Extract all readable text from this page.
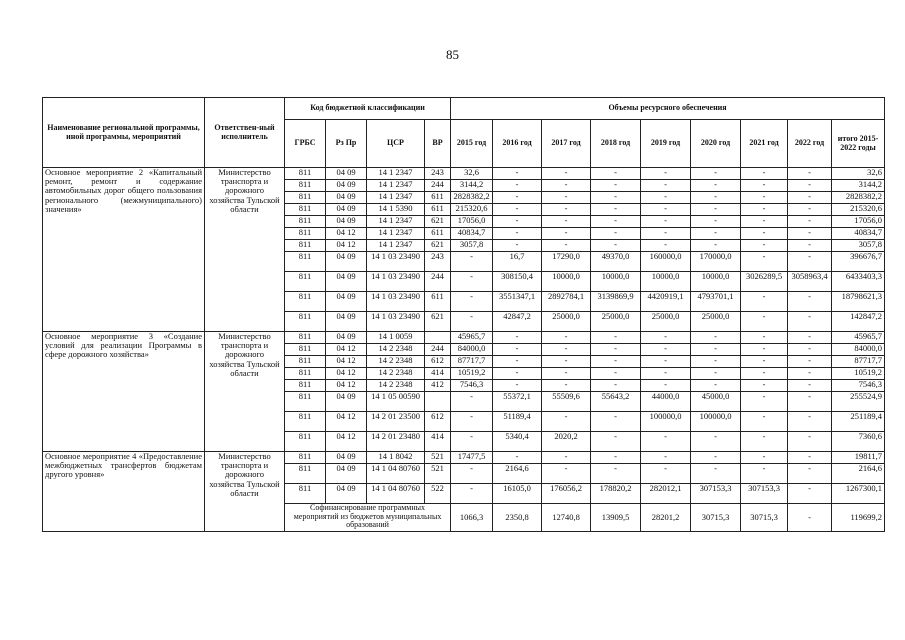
85
Наименование региональной программы, иной программы, мероприятий	Ответствен-ный исполнитель	Код бюджетной классификации				Объемы ресурсного обеспечения								
		ГРБС	Рз Пр	ЦСР	ВР	2015 год	2016 год	2017 год	2018 год	2019 год	2020 год	2021 год	2022 год	итого 2015-2022 годы
Основное мероприятие 2 «Капитальный ремонт, ремонт и содержание автомобильных дорог общего пользования регионального (межмуниципального) значения»	Министерство транспорта и дорожного хозяйства Тульской области	811	04 09	14 1 2347	243	32,6	-	-	-	-	-	-	-	32,6
		811	04 09	14 1 2347	244	3144,2	-	-	-	-	-	-	-	3144,2
		811	04 09	14 1 2347	611	2828382,2	-	-	-	-	-	-	-	2828382,2
		811	04 09	14 1 5390	611	215320,6	-	-	-	-	-	-	-	215320,6
		811	04 09	14 1 2347	621	17056,0	-	-	-	-	-	-	-	17056,0
		811	04 12	14 1 2347	611	40834,7	-	-	-	-	-	-	-	40834,7
		811	04 12	14 1 2347	621	3057,8	-	-	-	-	-	-	-	3057,8
		811	04 09	14 1 03 23490	243	-	16,7	17290,0	49370,0	160000,0	170000,0	-	-	396676,7
		811	04 09	14 1 03 23490	244	-	308150,4	10000,0	10000,0	10000,0	10000,0	3026289,5	3058963,4	6433403,3
		811	04 09	14 1 03 23490	611	-	3551347,1	2892784,1	3139869,9	4420919,1	4793701,1	-	-	18798621,3
		811	04 09	14 1 03 23490	621	-	42847,2	25000,0	25000,0	25000,0	25000,0	-	-	142847,2
Основное мероприятие 3 «Создание условий для реализации Программы в сфере дорожного хозяйства»	Министерство транспорта и дорожного хозяйства Тульской области	811	04 09	14 1 0059		45965,7	-	-	-	-	-	-	-	45965,7
		811	04 12	14 2 2348	244	84000,0	-	-	-	-	-	-	-	84000,0
		811	04 12	14 2 2348	612	87717,7	-	-	-	-	-	-	-	87717,7
		811	04 12	14 2 2348	414	10519,2	-	-	-	-	-	-	-	10519,2
		811	04 12	14 2 2348	412	7546,3	-	-	-	-	-	-	-	7546,3
		811	04 09	14 1 05 00590		-	55372,1	55509,6	55643,2	44000,0	45000,0	-	-	255524,9
		811	04 12	14 2 01 23500	612	-	51189,4	-	-	100000,0	100000,0	-	-	251189,4
		811	04 12	14 2 01 23480	414	-	5340,4	2020,2	-	-	-	-	-	7360,6
Основное мероприятие 4 «Предоставление межбюджетных трансфертов бюджетам другого уровня»	Министерство транспорта и дорожного хозяйства Тульской области	811	04 09	14 1 8042	521	17477,5	-	-	-	-	-	-	-	19811,7
		811	04 09	14 1 04 80760	521	-	2164,6	-	-	-	-	-	-	2164,6
		811	04 09	14 1 04 80760	522	-	16105,0	176056,2	178820,2	282012,1	307153,3	307153,3	-	1267300,1
		Софинансирование программных мероприятий из бюджетов муниципальных образований				1066,3	2350,8	12740,8	13909,5	28201,2	30715,3	30715,3	-	119699,2
